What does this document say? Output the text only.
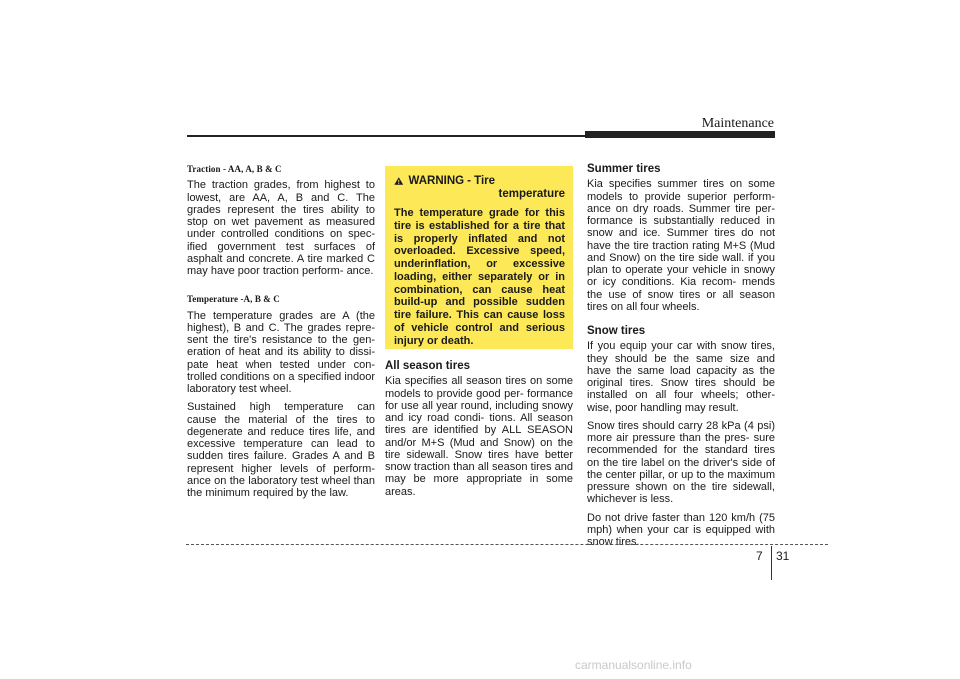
Maintenance
Traction - AA, A, B & C

The traction grades, from highest to lowest, are AA, A, B and C. The grades represent the tires ability to stop on wet pavement as measured under controlled conditions on spec- ified government test surfaces of asphalt and concrete. A tire marked C may have poor traction perform- ance.

Temperature -A, B & C

The temperature grades are A (the highest), B and C. The grades repre- sent the tire's resistance to the gen- eration of heat and its ability to dissi- pate heat when tested under con- trolled conditions on a specified indoor laboratory test wheel.

Sustained high temperature can cause the material of the tires to degenerate and reduce tires life, and excessive temperature can lead to sudden tires failure. Grades A and B represent higher levels of perform- ance on the laboratory test wheel than the minimum required by the law.

WARNING - Tire
temperature

The temperature grade for this tire is established for a tire that is properly inflated and not overloaded. Excessive speed, underinflation, or excessive loading, either separately or in combination, can cause heat build-up and possible sudden tire failure. This can cause loss of vehicle control and serious injury or death.

All season tires

Kia specifies all season tires on some models to provide good per- formance for use all year round, including snowy and icy road condi- tions. All season tires are identified by ALL SEASON and/or M+S (Mud and Snow) on the tire sidewall. Snow tires have better snow traction than all season tires and may be more appropriate in some areas.

Summer tires

Kia specifies summer tires on some models to provide superior perform- ance on dry roads. Summer tire per- formance is substantially reduced in snow and ice. Summer tires do not have the tire traction rating M+S (Mud and Snow) on the tire side wall. if you plan to operate your vehicle in snowy or icy conditions. Kia recom- mends the use of snow tires or all season tires on all four wheels.

Snow tires

If you equip your car with snow tires, they should be the same size and have the same load capacity as the original tires. Snow tires should be installed on all four wheels; other- wise, poor handling may result.

Snow tires should carry 28 kPa (4 psi) more air pressure than the pres- sure recommended for the standard tires on the tire label on the driver's side of the center pillar, or up to the maximum pressure shown on the tire sidewall, whichever is less.

Do not drive faster than 120 km/h (75 mph) when your car is equipped with snow tires.

7 31
carmanualsonline.info
